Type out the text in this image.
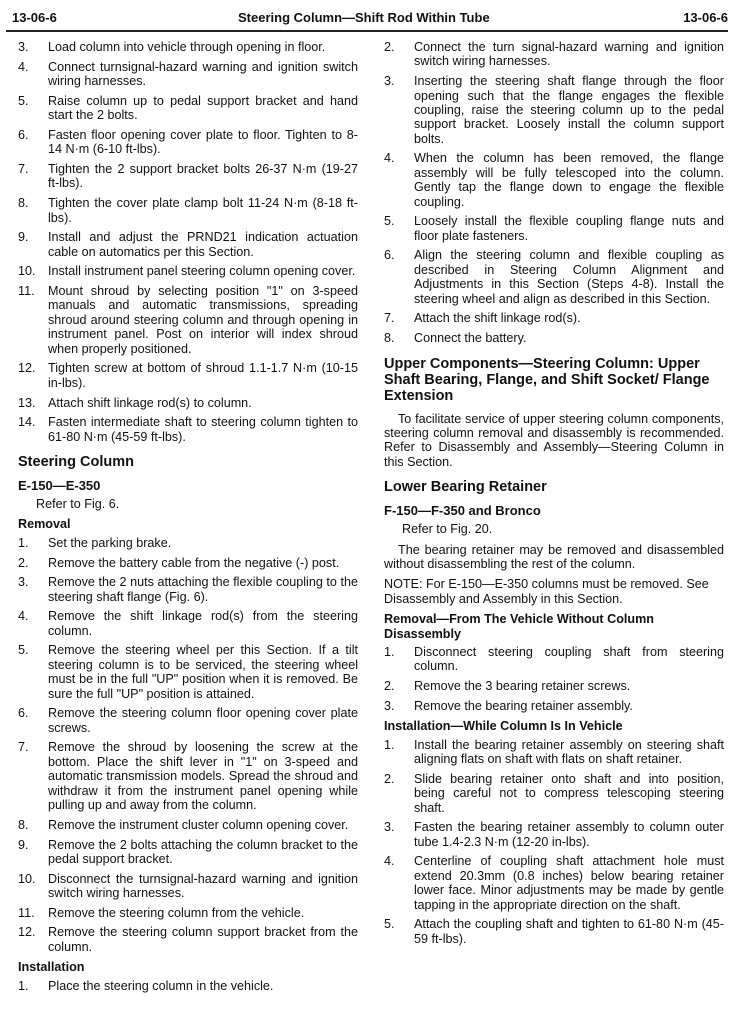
13-06-6	Steering Column—Shift Rod Within Tube	13-06-6
3.	Load column into vehicle through opening in floor.
4.	Connect turnsignal-hazard warning and ignition switch wiring harnesses.
5.	Raise column up to pedal support bracket and hand start the 2 bolts.
6.	Fasten floor opening cover plate to floor. Tighten to 8-14 N·m (6-10 ft-lbs).
7.	Tighten the 2 support bracket bolts 26-37 N·m (19-27 ft-lbs).
8.	Tighten the cover plate clamp bolt 11-24 N·m (8-18 ft-lbs).
9.	Install and adjust the PRND21 indication actuation cable on automatics per this Section.
10. Install instrument panel steering column opening cover.
11.	Mount shroud by selecting position "1" on 3-speed manuals and automatic transmissions, spreading shroud around steering column and through opening in instrument panel. Post on interior will index shroud when properly positioned.
12. Tighten screw at bottom of shroud 1.1-1.7 N·m (10-15 in-lbs).
13. Attach shift linkage rod(s) to column.
14. Fasten intermediate shaft to steering column tighten to 61-80 N·m (45-59 ft-lbs).
Steering Column
E-150—E-350

Refer to Fig. 6.

Removal
1.	Set the parking brake.
2.	Remove the battery cable from the negative (-) post.
3.	Remove the 2 nuts attaching the flexible coupling to the steering shaft flange (Fig. 6).
4.	Remove the shift linkage rod(s) from the steering column.
5.	Remove the steering wheel per this Section. If a tilt steering column is to be serviced, the steering wheel must be in the full "UP" position when it is removed. Be sure the full "UP" position is attained.
6.	Remove the steering column floor opening cover plate screws.
7.	Remove the shroud by loosening the screw at the bottom. Place the shift lever in "1" on 3-speed and automatic transmission models. Spread the shroud and withdraw it from the instrument panel opening while pulling up and away from the column.
8.	Remove the instrument cluster column opening cover.
9.	Remove the 2 bolts attaching the column bracket to the pedal support bracket.
10. Disconnect the turnsignal-hazard warning and ignition switch wiring harnesses.
11.	Remove the steering column from the vehicle.
12. Remove the steering column support bracket from the column.
Installation
1.	Place the steering column in the vehicle.
2.	Connect the turn signal-hazard warning and ignition switch wiring harnesses.
3.	Inserting the steering shaft flange through the floor opening such that the flange engages the flexible coupling, raise the steering column up to the pedal support bracket. Loosely install the column support bolts.
4.	When the column has been removed, the flange assembly will be fully telescoped into the column. Gently tap the flange down to engage the flexible coupling.
5.	Loosely install the flexible coupling flange nuts and floor plate fasteners.
6.	Align the steering column and flexible coupling as described in Steering Column Alignment and Adjustments in this Section (Steps 4-8). Install the steering wheel and align as described in this Section.
7.	Attach the shift linkage rod(s).
8.	Connect the battery.
Upper Components—Steering Column: Upper Shaft Bearing, Flange, and Shift Socket/ Flange Extension

To facilitate service of upper steering column components, steering column removal and disassembly is recommended. Refer to Disassembly and Assembly—Steering Column in this Section.

Lower Bearing Retainer
F-150—F-350 and Bronco

Refer to Fig. 20.

The bearing retainer may be removed and disassembled without disassembling the rest of the column.

NOTE: For E-150—E-350 columns must be removed. See Disassembly and Assembly in this Section.

Removal—From The Vehicle Without Column Disassembly
1.	Disconnect steering coupling shaft from steering column.
2.	Remove the 3 bearing retainer screws.
3.	Remove the bearing retainer assembly.
Installation—While Column Is In Vehicle
1.	Install the bearing retainer assembly on steering shaft aligning flats on shaft with flats on shaft retainer.
2.	Slide bearing retainer onto shaft and into position, being careful not to compress telescoping steering shaft.
3.	Fasten the bearing retainer assembly to column outer tube 1.4-2.3 N·m (12-20 in-lbs).
4.	Centerline of coupling shaft attachment hole must extend 20.3mm (0.8 inches) below bearing retainer lower face. Minor adjustments may be made by gentle tapping in the appropriate direction on the shaft.
5.	Attach the coupling shaft and tighten to 61-80 N·m (45-59 ft-lbs).
